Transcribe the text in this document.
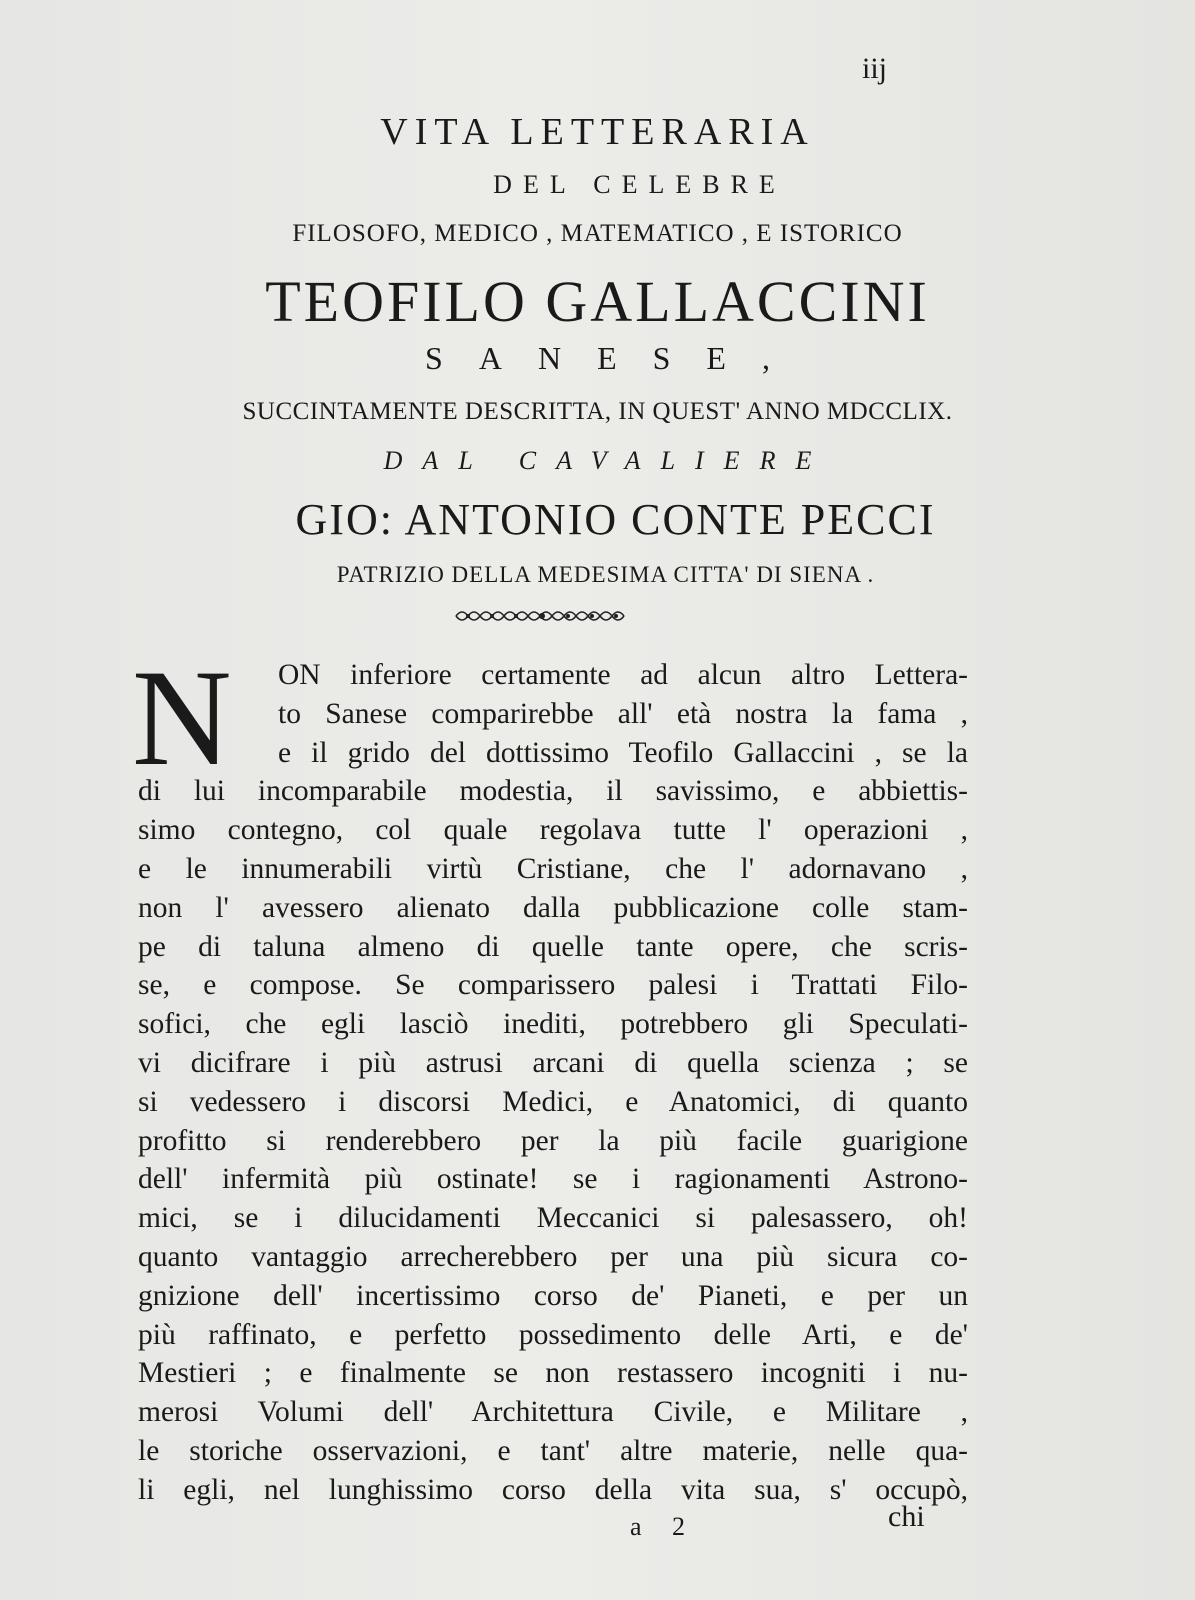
iij
VITA LETTERARIA
DEL CELEBRE
FILOSOFO, MEDICO , MATEMATICO , E ISTORICO
TEOFILO GALLACCINI
SANESE,
SUCCINTAMENTE DESCRITTA, IN QUEST' ANNO MDCCLIX.
DAL CAVALIERE
GIO: ANTONIO CONTE PECCI
PATRIZIO DELLA MEDESIMA CITTA' DI SIENA .
N	ON inferiore certamente ad alcun altro Lettera-
to Sanese comparirebbe all' età nostra la fama ,
e il grido del dottissimo Teofilo Gallaccini , se la
di lui incomparabile modestia, il savissimo, e abbiettis-
simo contegno, col quale regolava tutte l' operazioni ,
e le innumerabili virtù Cristiane, che l' adornavano ,
non l' avessero alienato dalla pubblicazione colle stam-
pe di taluna almeno di quelle tante opere, che scris-
se, e compose. Se comparissero palesi i Trattati Filo-
sofici, che egli lasciò inediti, potrebbero gli Speculati-
vi dicifrare i più astrusi arcani di quella scienza ; se
si vedessero i discorsi Medici, e Anatomici, di quanto
profitto si renderebbero per la più facile guarigione
dell' infermità più ostinate! se i ragionamenti Astrono-
mici, se i dilucidamenti Meccanici si palesassero, oh!
quanto vantaggio arrecherebbero per una più sicura co-
gnizione dell' incertissimo corso de' Pianeti, e per un
più raffinato, e perfetto possedimento delle Arti, e de'
Mestieri ; e finalmente se non restassero incogniti i nu-
merosi Volumi dell' Architettura Civile, e Militare ,
le storiche osservazioni, e tant' altre materie, nelle qua-
li egli, nel lunghissimo corso della vita sua, s' occupò,
a 2	chi
